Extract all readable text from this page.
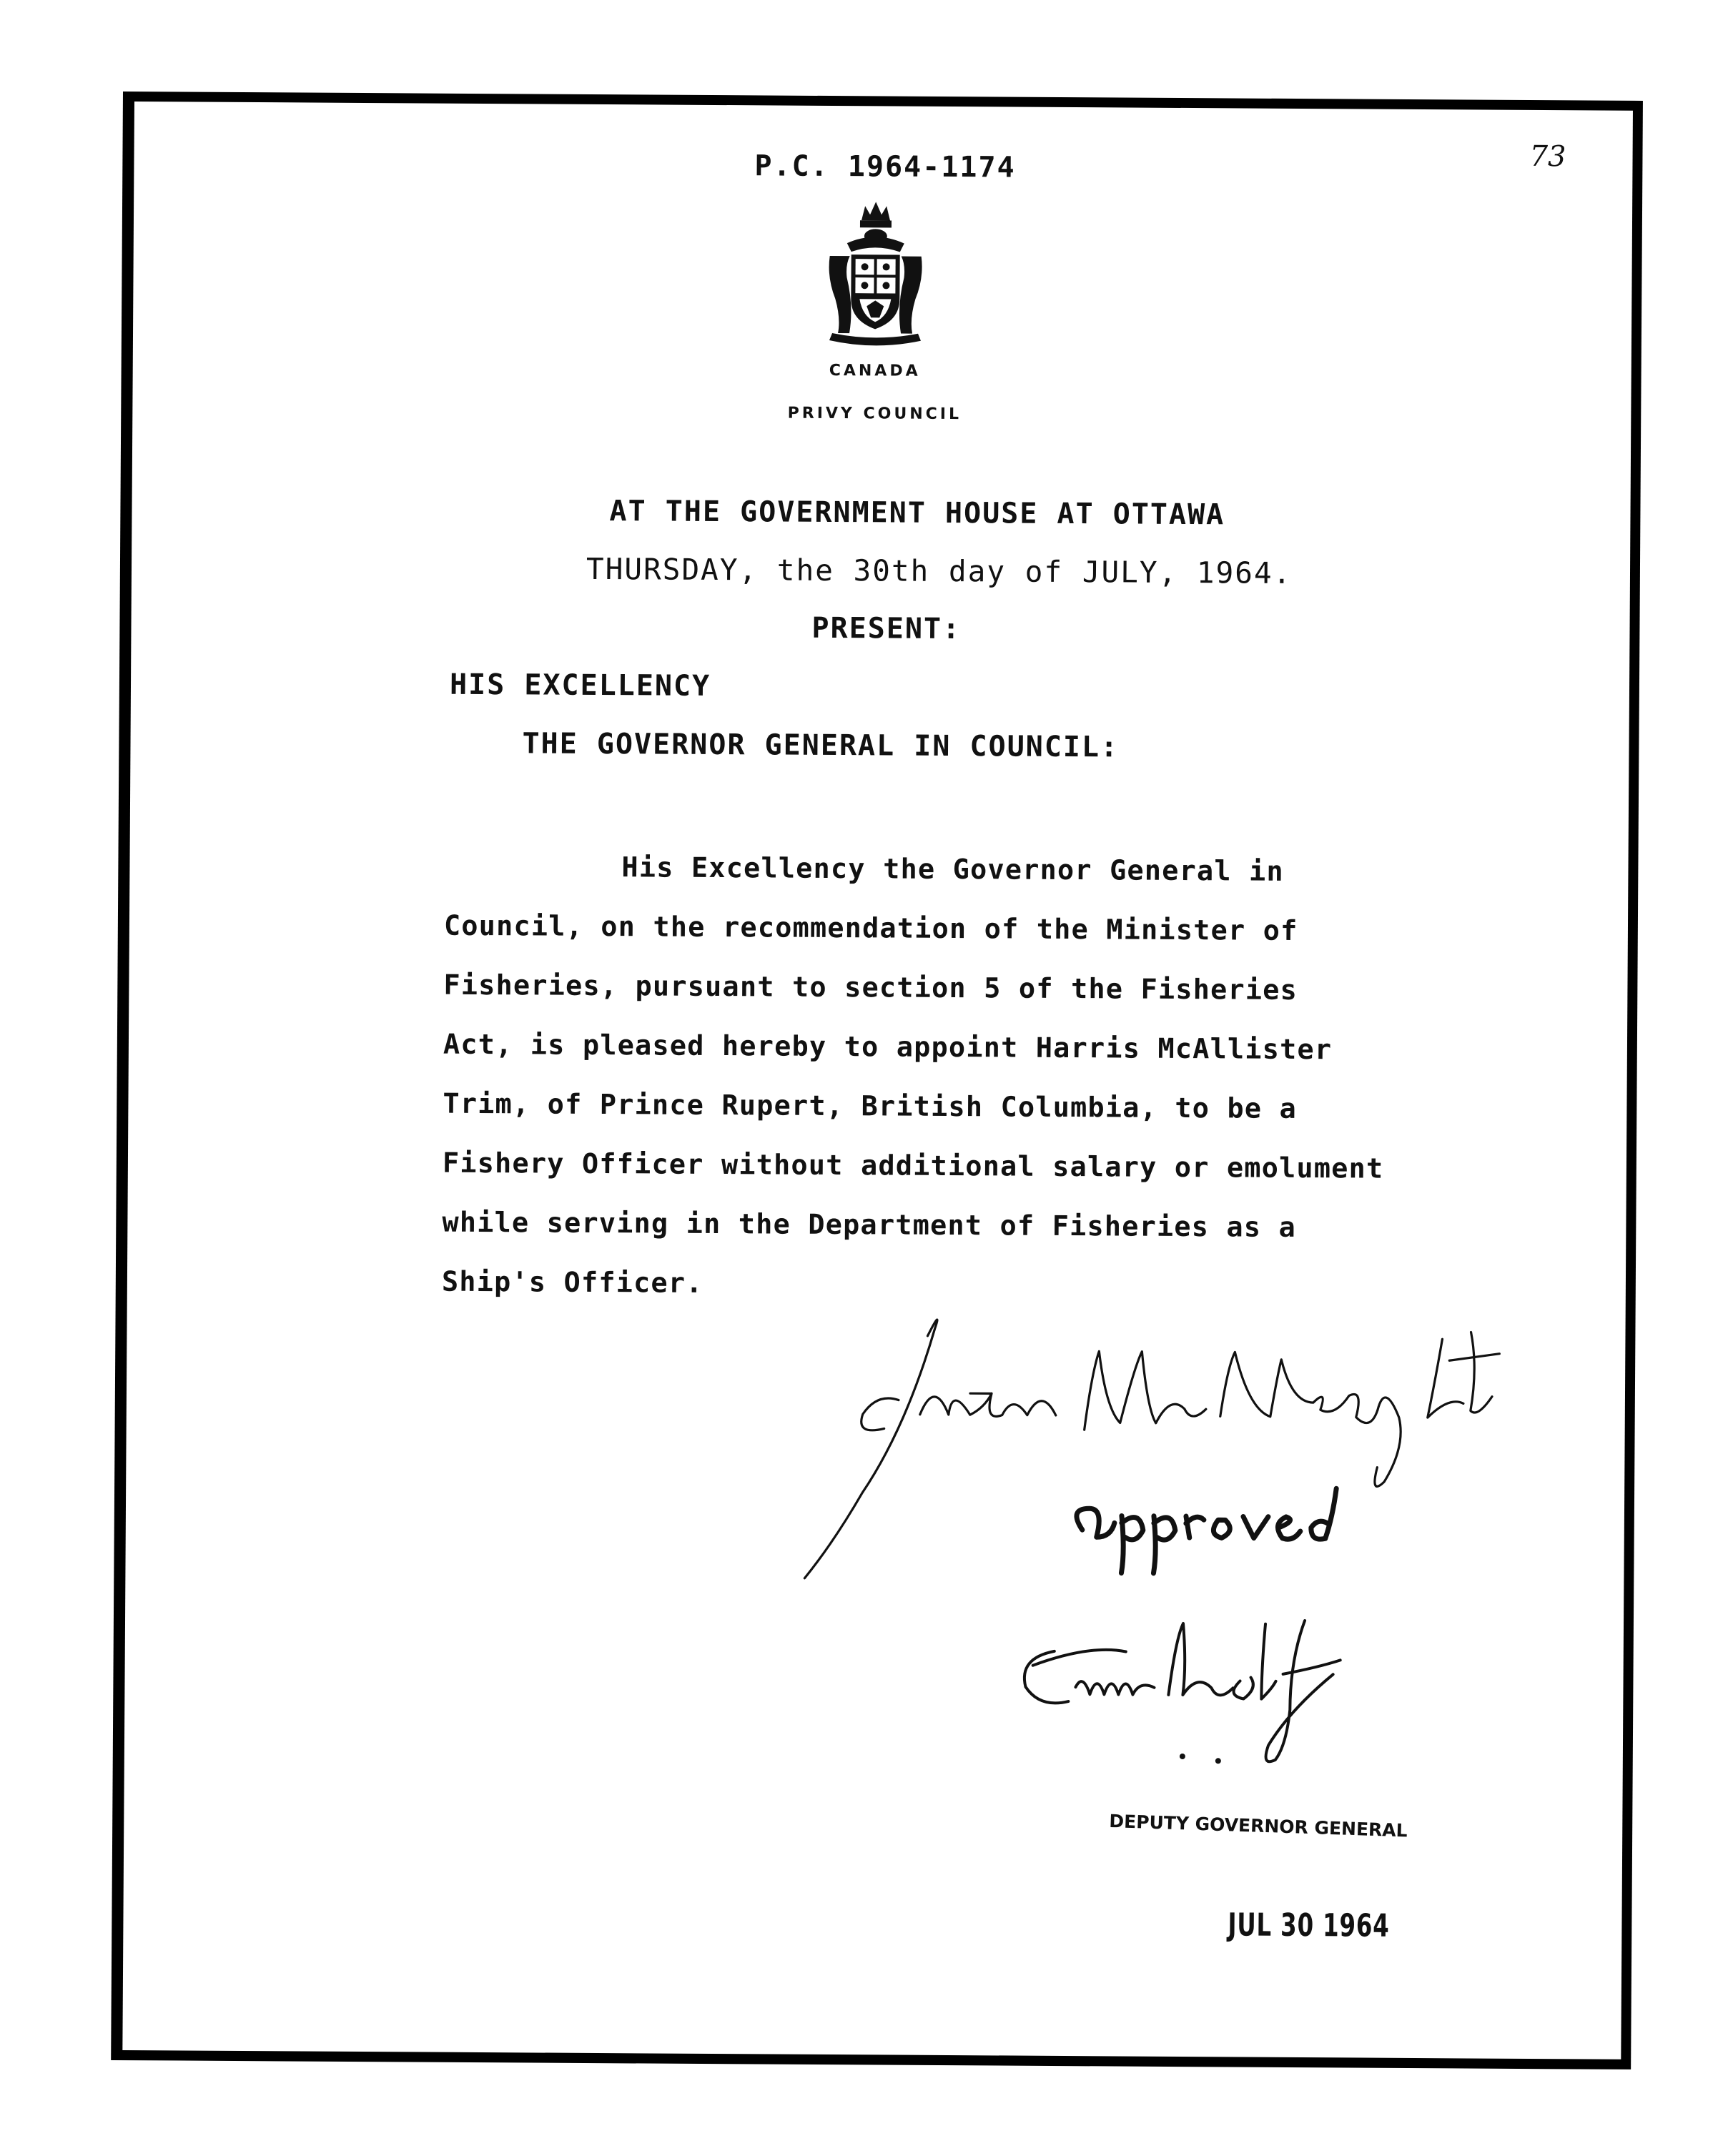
73
P.C. 1964-1174
CANADA
PRIVY COUNCIL
AT THE GOVERNMENT HOUSE AT OTTAWA
THURSDAY, the 30th day of JULY, 1964.
PRESENT:
HIS EXCELLENCY
THE GOVERNOR GENERAL IN COUNCIL:
His Excellency the Governor General in
Council, on the recommendation of the Minister of
Fisheries, pursuant to section 5 of the Fisheries
Act, is pleased hereby to appoint Harris McAllister
Trim, of Prince Rupert, British Columbia, to be a
Fishery Officer without additional salary or emolument
while serving in the Department of Fisheries as a
Ship's Officer.
Approved
DEPUTY GOVERNOR GENERAL
JUL 30 1964
